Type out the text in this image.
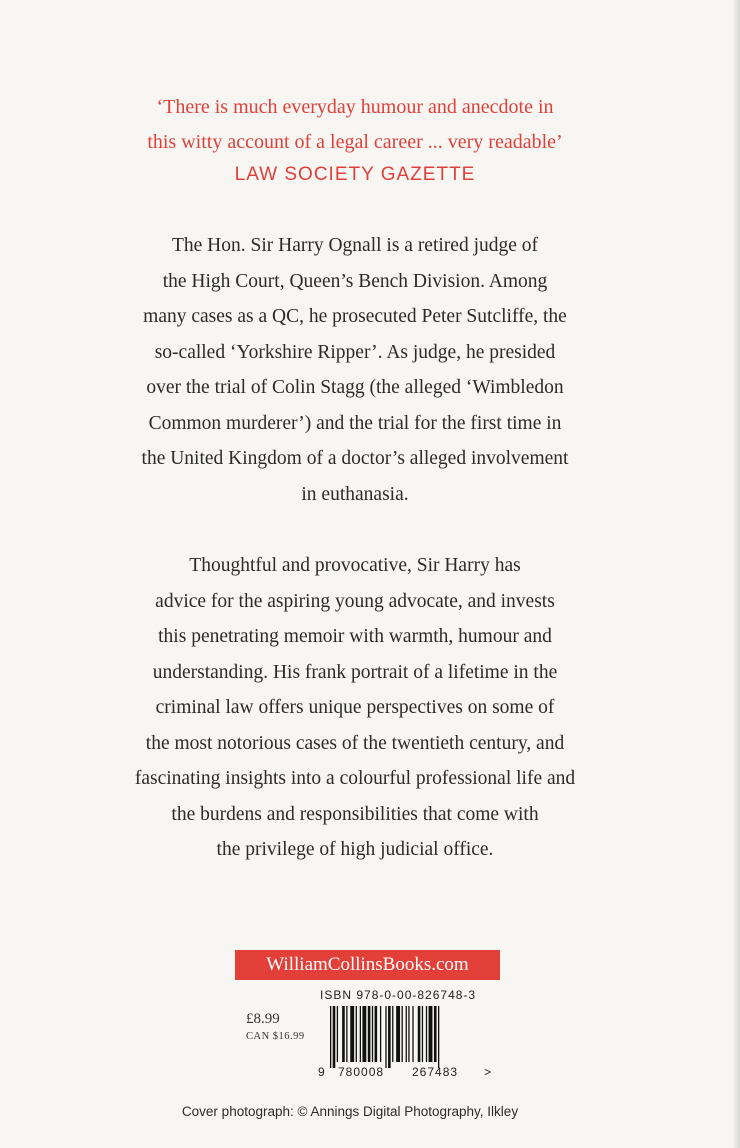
‘There is much everyday humour and anecdote in
this witty account of a legal career ... very readable’
LAW SOCIETY GAZETTE
The Hon. Sir Harry Ognall is a retired judge of
the High Court, Queen’s Bench Division. Among
many cases as a QC, he prosecuted Peter Sutcliffe, the
so-called ‘Yorkshire Ripper’. As judge, he presided
over the trial of Colin Stagg (the alleged ‘Wimbledon
Common murderer’) and the trial for the first time in
the United Kingdom of a doctor’s alleged involvement
in euthanasia.
Thoughtful and provocative, Sir Harry has
advice for the aspiring young advocate, and invests
this penetrating memoir with warmth, humour and
understanding. His frank portrait of a lifetime in the
criminal law offers unique perspectives on some of
the most notorious cases of the twentieth century, and
fascinating insights into a colourful professional life and
the burdens and responsibilities that come with
the privilege of high judicial office.
WilliamCollinsBooks.com
ISBN 978-0-00-826748-3
£8.99
CAN $16.99
9 780008 267483 >
Cover photograph: © Annings Digital Photography, Ilkley
